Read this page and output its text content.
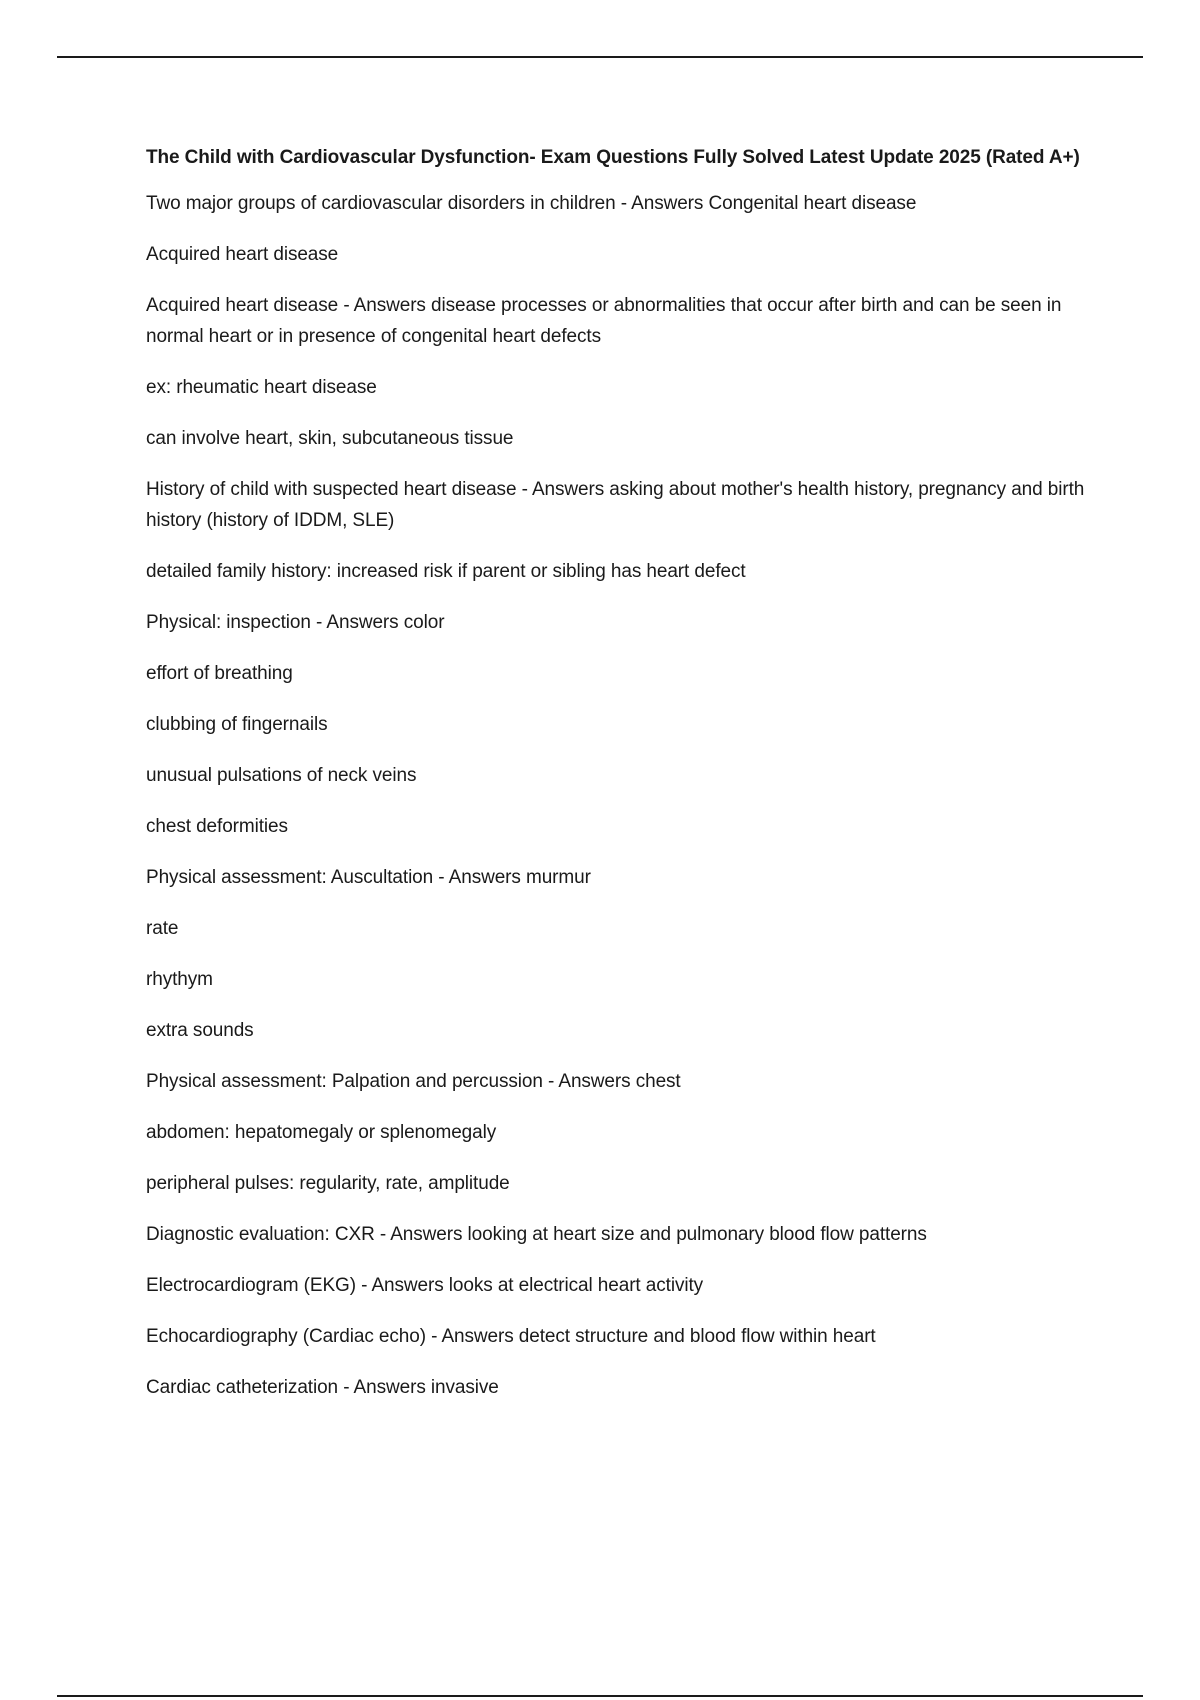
The Child with Cardiovascular Dysfunction- Exam Questions Fully Solved Latest Update 2025 (Rated A+)

Two major groups of cardiovascular disorders in children - Answers Congenital heart disease

Acquired heart disease

Acquired heart disease - Answers disease processes or abnormalities that occur after birth and can be seen in normal heart or in presence of congenital heart defects

ex: rheumatic heart disease

can involve heart, skin, subcutaneous tissue

History of child with suspected heart disease - Answers asking about mother's health history, pregnancy and birth history (history of IDDM, SLE)

detailed family history: increased risk if parent or sibling has heart defect

Physical: inspection - Answers color

effort of breathing

clubbing of fingernails

unusual pulsations of neck veins

chest deformities

Physical assessment: Auscultation - Answers murmur

rate

rhythym

extra sounds

Physical assessment: Palpation and percussion - Answers chest

abdomen: hepatomegaly or splenomegaly

peripheral pulses: regularity, rate, amplitude

Diagnostic evaluation: CXR - Answers looking at heart size and pulmonary blood flow patterns

Electrocardiogram (EKG) - Answers looks at electrical heart activity

Echocardiography (Cardiac echo) - Answers detect structure and blood flow within heart

Cardiac catheterization - Answers invasive
